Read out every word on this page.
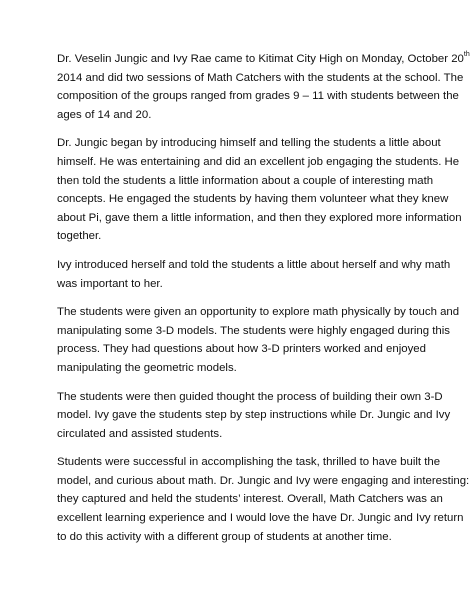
Dr. Veselin Jungic and Ivy Rae came to Kitimat City High on Monday, October 20th
2014 and did two sessions of Math Catchers with the students at the school. The
composition of the groups ranged from grades 9 – 11 with students between the
ages of 14 and 20.

Dr. Jungic began by introducing himself and telling the students a little about
himself. He was entertaining and did an excellent job engaging the students. He
then told the students a little information about a couple of interesting math
concepts. He engaged the students by having them volunteer what they knew
about Pi, gave them a little information, and then they explored more information
together.

Ivy introduced herself and told the students a little about herself and why math
was important to her.

The students were given an opportunity to explore math physically by touch and
manipulating some 3-D models. The students were highly engaged during this
process. They had questions about how 3-D printers worked and enjoyed
manipulating the geometric models.

The students were then guided thought the process of building their own 3-D
model. Ivy gave the students step by step instructions while Dr. Jungic and Ivy
circulated and assisted students.

Students were successful in accomplishing the task, thrilled to have built the
model, and curious about math. Dr. Jungic and Ivy were engaging and interesting:
they captured and held the students’ interest. Overall, Math Catchers was an
excellent learning experience and I would love the have Dr. Jungic and Ivy return
to do this activity with a different group of students at another time.
